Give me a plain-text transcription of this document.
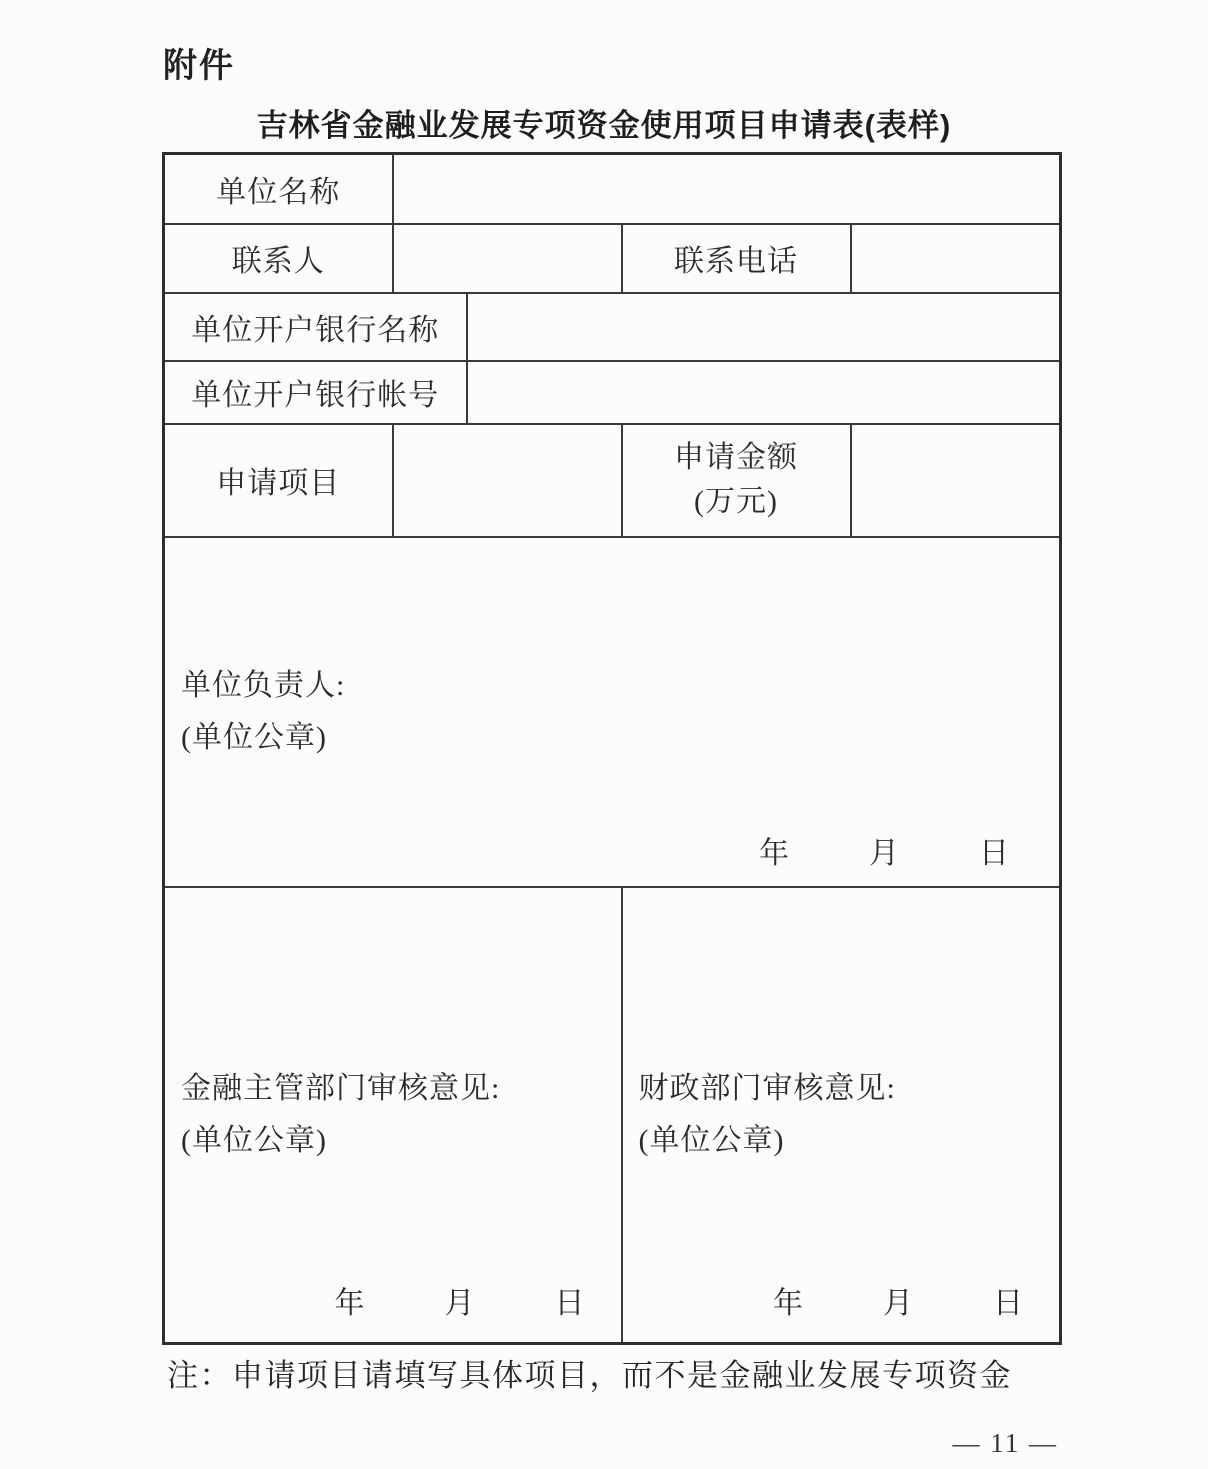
附件
吉林省金融业发展专项资金使用项目申请表(表样)
单位名称				
联系人			联系电话	
单位开户银行名称				
单位开户银行帐号				
申请项目			申请金额
(万元)	

单位负责人:
(单位公章)
年 月 日				

金融主管部门审核意见:
(单位公章)
年	月	日

财政部门审核意见:
(单位公章)
年	月	日
注：申请项目请填写具体项目，而不是金融业发展专项资金
— 11 —
